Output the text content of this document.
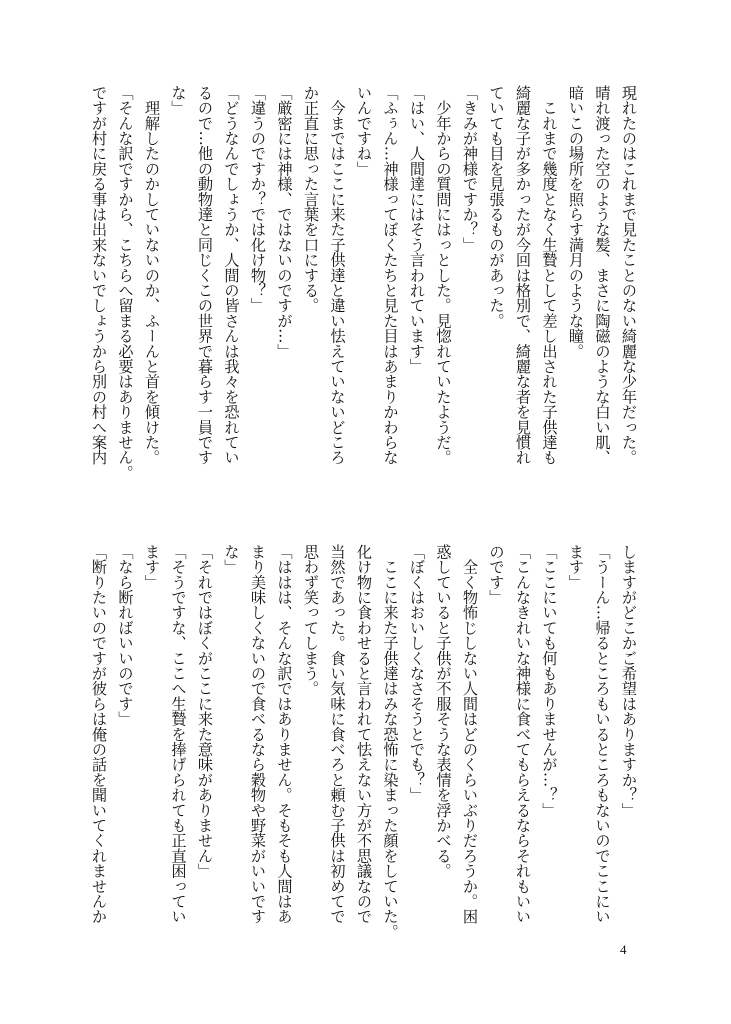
現れたのはこれまで見たことのない綺麗な少年だった。
晴れ渡った空のような髪、まさに陶磁のような白い肌、
暗いこの場所を照らす満月のような瞳。
　これまで幾度となく生贄として差し出された子供達も
綺麗な子が多かったが今回は格別で、綺麗な者を見慣れ
ていても目を見張るものがあった。
「きみが神様ですか？」
　少年からの質問にはっとした。見惚れていたようだ。
「はい、人間達にはそう言われています」
「ふぅん…神様ってぼくたちと見た目はあまりかわらな
いんですね」
　今まではここに来た子供達と違い怯えていないどころ
か正直に思った言葉を口にする。
「厳密には神様、ではないのですが…」
「違うのですか？では化け物？」
「どうなんでしょうか、人間の皆さんは我々を恐れてい
るので…他の動物達と同じくこの世界で暮らす一員です
な」
　理解したのかしていないのか、ふーんと首を傾けた。
「そんな訳ですから、こちらへ留まる必要はありません。
ですが村に戻る事は出来ないでしょうから別の村へ案内
しますがどこかご希望はありますか？」
「うーん…帰るところもいるところもないのでここにい
ます」
「ここにいても何もありませんが…？」
「こんなきれいな神様に食べてもらえるならそれもいい
のです」
　全く物怖じしない人間はどのくらいぶりだろうか。困
惑していると子供が不服そうな表情を浮かべる。
「ぼくはおいしくなさそうとでも？」
　ここに来た子供達はみな恐怖に染まった顔をしていた。
化け物に食わせると言われて怯えない方が不思議なので
当然であった。食い気味に食べろと頼む子供は初めてで
思わず笑ってしまう。
「ははは、そんな訳ではありません。そもそも人間はあ
まり美味しくないので食べるなら穀物や野菜がいいです
な」
「それではぼくがここに来た意味がありません」
「そうですな、ここへ生贄を捧げられても正直困ってい
ます」
「なら断ればいいのです」
「断りたいのですが彼らは俺の話を聞いてくれませんか
4
